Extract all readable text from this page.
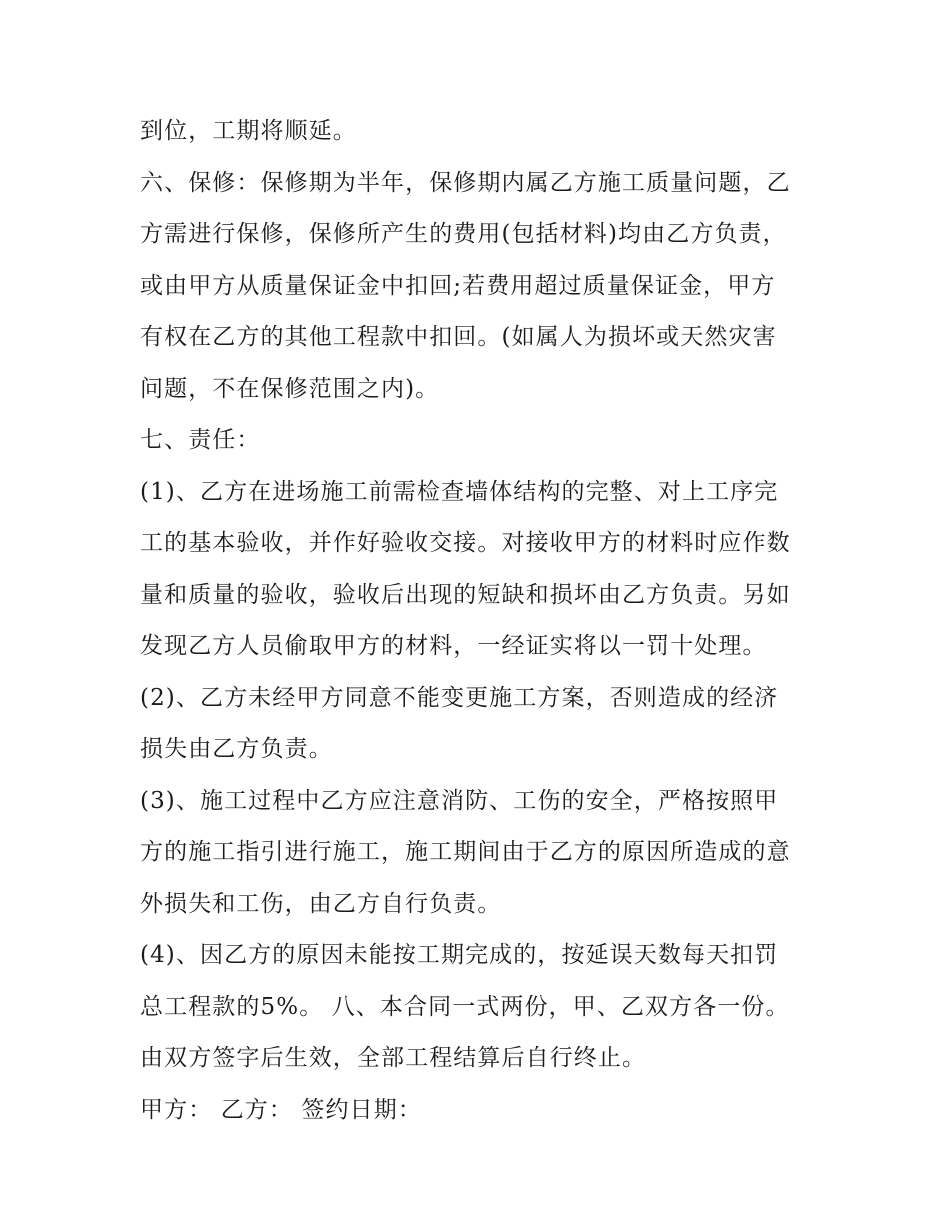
到位，工期将顺延。
六、保修：保修期为半年，保修期内属乙方施工质量问题，乙
方需进行保修，保修所产生的费用(包括材料)均由乙方负责，
或由甲方从质量保证金中扣回;若费用超过质量保证金，甲方
有权在乙方的其他工程款中扣回。(如属人为损坏或天然灾害
问题，不在保修范围之内)。
七、责任：
(1)、乙方在进场施工前需检查墙体结构的完整、对上工序完
工的基本验收，并作好验收交接。对接收甲方的材料时应作数
量和质量的验收，验收后出现的短缺和损坏由乙方负责。另如
发现乙方人员偷取甲方的材料，一经证实将以一罚十处理。
(2)、乙方未经甲方同意不能变更施工方案，否则造成的经济
损失由乙方负责。
(3)、施工过程中乙方应注意消防、工伤的安全，严格按照甲
方的施工指引进行施工，施工期间由于乙方的原因所造成的意
外损失和工伤，由乙方自行负责。
(4)、因乙方的原因未能按工期完成的，按延误天数每天扣罚
总工程款的5%。 八、本合同一式两份，甲、乙双方各一份。
由双方签字后生效，全部工程结算后自行终止。
甲方： 乙方： 签约日期：
